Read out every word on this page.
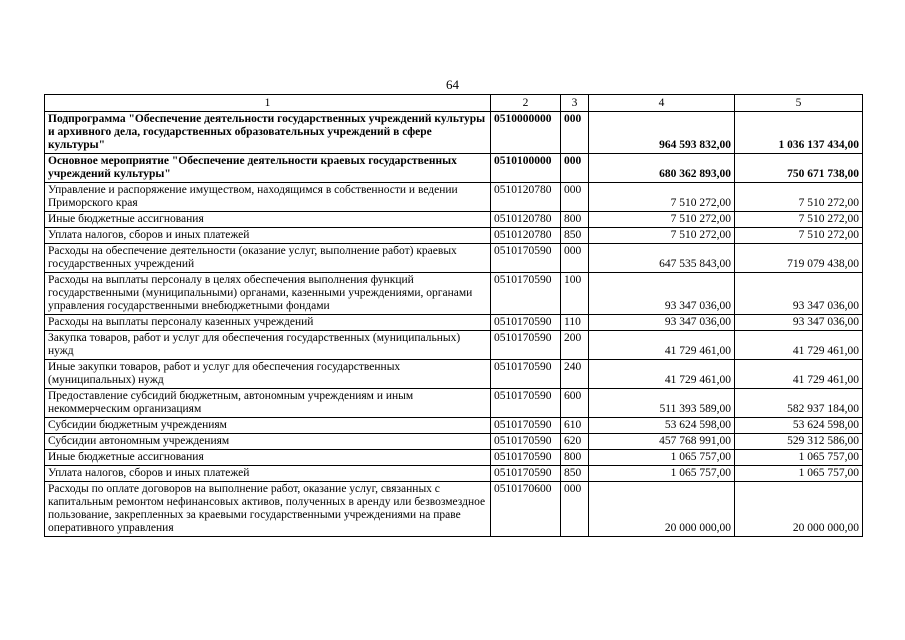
64
1	2	3	4	5
Подпрограмма "Обеспечение деятельности государственных учреждений культуры и архивного дела, государственных образовательных учреждений в сфере культуры"	0510000000	000	964 593 832,00	1 036 137 434,00
Основное мероприятие "Обеспечение деятельности краевых государственных учреждений культуры"	0510100000	000	680 362 893,00	750 671 738,00
Управление и распоряжение имуществом, находящимся в собственности и ведении Приморского края	0510120780	000	7 510 272,00	7 510 272,00
Иные бюджетные ассигнования	0510120780	800	7 510 272,00	7 510 272,00
Уплата налогов, сборов и иных платежей	0510120780	850	7 510 272,00	7 510 272,00
Расходы на обеспечение деятельности (оказание услуг, выполнение работ) краевых государственных учреждений	0510170590	000	647 535 843,00	719 079 438,00
Расходы на выплаты персоналу в целях обеспечения выполнения функций государственными (муниципальными) органами, казенными учреждениями, органами управления государственными внебюджетными фондами	0510170590	100	93 347 036,00	93 347 036,00
Расходы на выплаты персоналу казенных учреждений	0510170590	110	93 347 036,00	93 347 036,00
Закупка товаров, работ и услуг для обеспечения государственных (муниципальных) нужд	0510170590	200	41 729 461,00	41 729 461,00
Иные закупки товаров, работ и услуг для обеспечения государственных (муниципальных) нужд	0510170590	240	41 729 461,00	41 729 461,00
Предоставление субсидий бюджетным, автономным учреждениям и иным некоммерческим организациям	0510170590	600	511 393 589,00	582 937 184,00
Субсидии бюджетным учреждениям	0510170590	610	53 624 598,00	53 624 598,00
Субсидии автономным учреждениям	0510170590	620	457 768 991,00	529 312 586,00
Иные бюджетные ассигнования	0510170590	800	1 065 757,00	1 065 757,00
Уплата налогов, сборов и иных платежей	0510170590	850	1 065 757,00	1 065 757,00
Расходы по оплате договоров на выполнение работ, оказание услуг, связанных с капитальным ремонтом нефинансовых активов, полученных в аренду или безвозмездное пользование, закрепленных за краевыми государственными учреждениями на праве оперативного управления	0510170600	000	20 000 000,00	20 000 000,00
